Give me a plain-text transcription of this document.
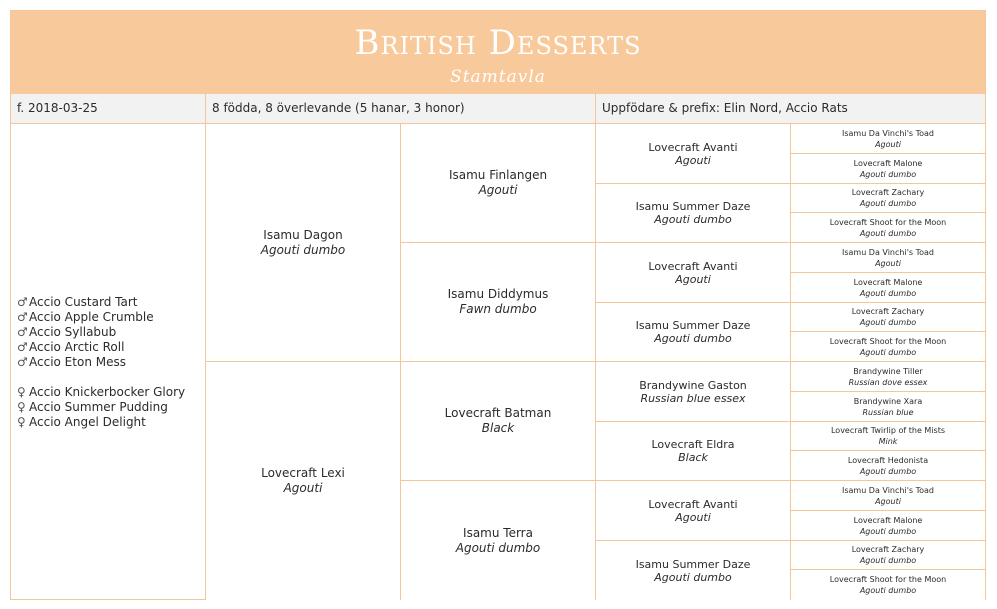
British Desserts
Stamtavla
f. 2018-03-25	8 födda, 8 överlevande (5 hanar, 3 honor)	Uppfödare & prefix: Elin Nord, Accio Rats
♂ Accio Custard Tart
♂ Accio Apple Crumble
♂ Accio Syllabub
♂ Accio Arctic Roll
♂ Accio Eton Mess
♀ Accio Knickerbocker Glory
♀ Accio Summer Pudding
♀ Accio Angel Delight
Isamu Dagon
Agouti dumbo
Lovecraft Lexi
Agouti
Isamu Finlangen
Agouti
Isamu Diddymus
Fawn dumbo
Lovecraft Batman
Black
Isamu Terra
Agouti dumbo
Lovecraft Avanti
Agouti
Isamu Summer Daze
Agouti dumbo
Lovecraft Avanti
Agouti
Isamu Summer Daze
Agouti dumbo
Brandywine Gaston
Russian blue essex
Lovecraft Eldra
Black
Lovecraft Avanti
Agouti
Isamu Summer Daze
Agouti dumbo
Isamu Da Vinchi's Toad
Agouti
Lovecraft Malone
Agouti dumbo
Lovecraft Zachary
Agouti dumbo
Lovecraft Shoot for the Moon
Agouti dumbo
Isamu Da Vinchi's Toad
Agouti
Lovecraft Malone
Agouti dumbo
Lovecraft Zachary
Agouti dumbo
Lovecraft Shoot for the Moon
Agouti dumbo
Brandywine Tiller
Russian dove essex
Brandywine Xara
Russian blue
Lovecraft Twirlip of the Mists
Mink
Lovecraft Hedonista
Agouti dumbo
Isamu Da Vinchi's Toad
Agouti
Lovecraft Malone
Agouti dumbo
Lovecraft Zachary
Agouti dumbo
Lovecraft Shoot for the Moon
Agouti dumbo
